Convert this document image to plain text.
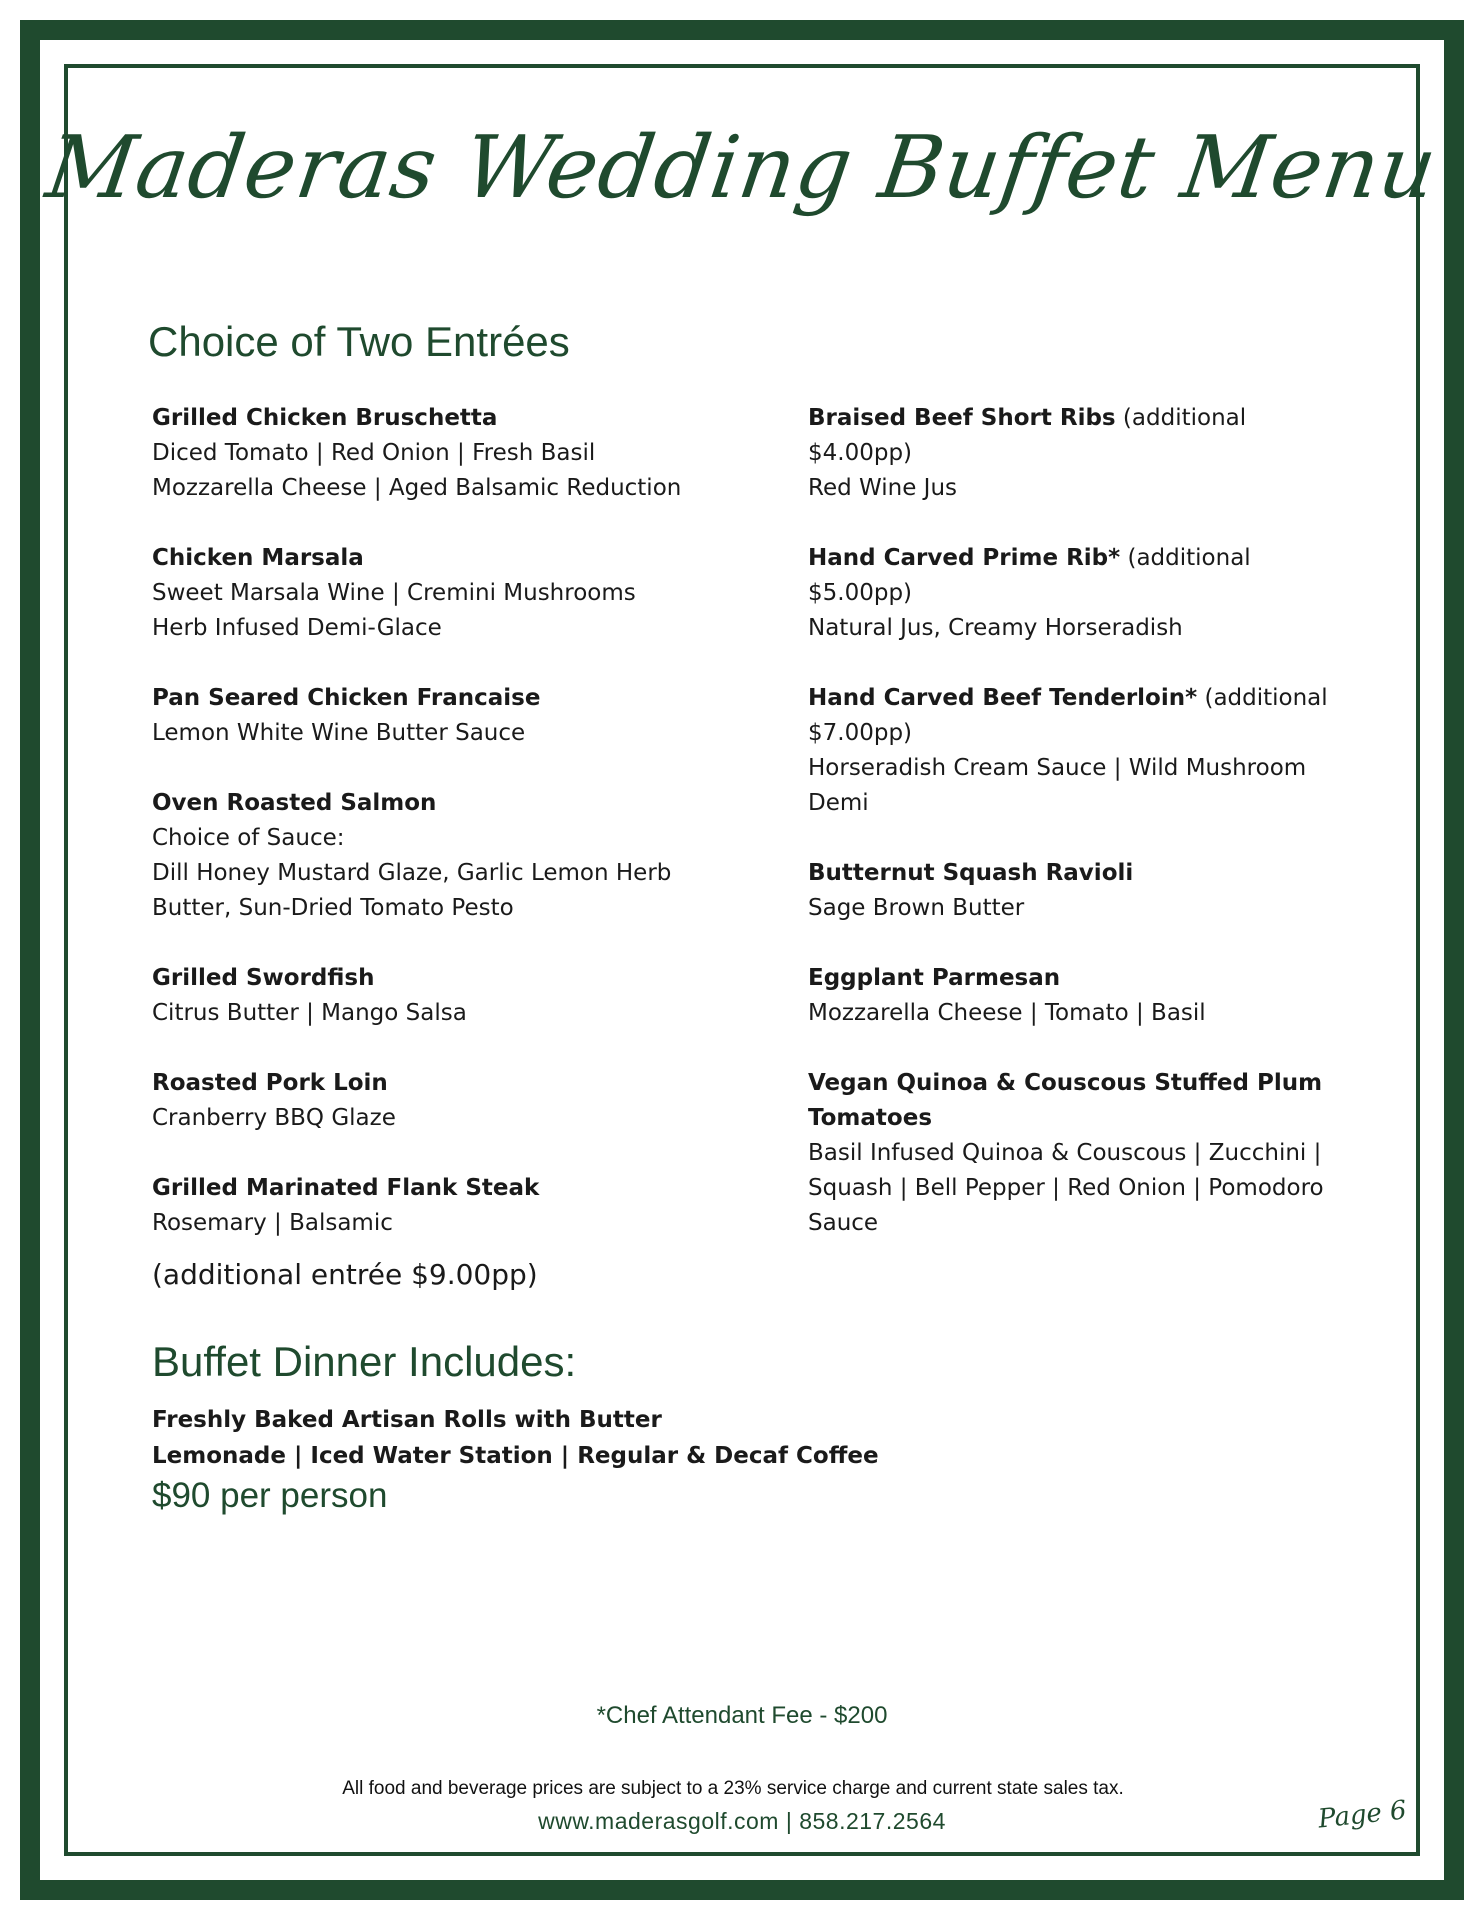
Maderas Wedding Buffet Menu
Choice of Two Entrées
Grilled Chicken Bruschetta
Diced Tomato | Red Onion | Fresh Basil
Mozzarella Cheese | Aged Balsamic Reduction
Chicken Marsala
Sweet Marsala Wine | Cremini Mushrooms
Herb Infused Demi-Glace
Pan Seared Chicken Francaise
Lemon White Wine Butter Sauce
Oven Roasted Salmon
Choice of Sauce:
Dill Honey Mustard Glaze, Garlic Lemon Herb
Butter, Sun-Dried Tomato Pesto
Grilled Swordfish
Citrus Butter | Mango Salsa
Roasted Pork Loin
Cranberry BBQ Glaze
Grilled Marinated Flank Steak
Rosemary | Balsamic
Braised Beef Short Ribs (additional $4.00pp)
Red Wine Jus
Hand Carved Prime Rib* (additional $5.00pp)
Natural Jus, Creamy Horseradish
Hand Carved Beef Tenderloin* (additional $7.00pp)
Horseradish Cream Sauce | Wild Mushroom Demi
Butternut Squash Ravioli
Sage Brown Butter
Eggplant Parmesan
Mozzarella Cheese | Tomato | Basil
Vegan Quinoa & Couscous Stuffed Plum Tomatoes
Basil Infused Quinoa & Couscous | Zucchini | Squash | Bell Pepper | Red Onion | Pomodoro Sauce
(additional entrée $9.00pp)
Buffet Dinner Includes:
Freshly Baked Artisan Rolls with Butter
Lemonade | Iced Water Station | Regular & Decaf Coffee
$90 per person
*Chef Attendant Fee - $200
All food and beverage prices are subject to a 23% service charge and current state sales tax.
www.maderasgolf.com | 858.217.2564	Page 6
